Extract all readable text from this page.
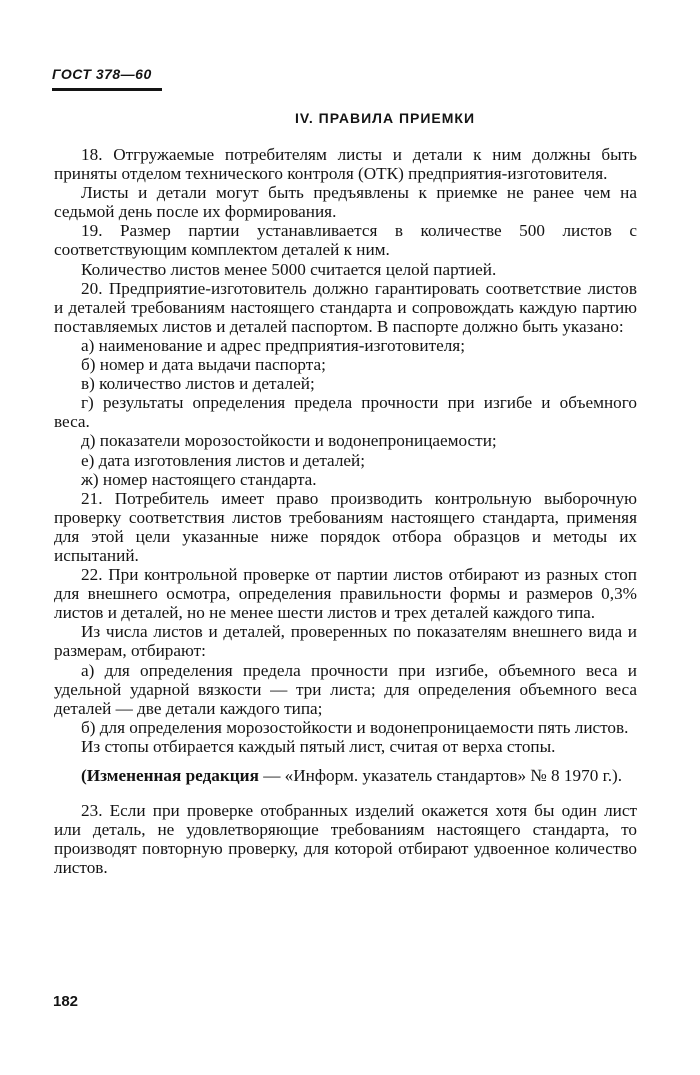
ГОСТ 378—60
IV. ПРАВИЛА ПРИЕМКИ

18. Отгружаемые потребителям листы и детали к ним должны быть приняты отделом технического контроля (ОТК) предприятия-изготовителя.

Листы и детали могут быть предъявлены к приемке не ранее чем на седьмой день после их формирования.

19. Размер партии устанавливается в количестве 500 листов с соответствующим комплектом деталей к ним.

Количество листов менее 5000 считается целой партией.

20. Предприятие-изготовитель должно гарантировать соответствие листов и деталей требованиям настоящего стандарта и сопровождать каждую партию поставляемых листов и деталей паспортом. В паспорте должно быть указано:

а) наименование и адрес предприятия-изготовителя;

б) номер и дата выдачи паспорта;

в) количество листов и деталей;

г) результаты определения предела прочности при изгибе и объемного веса.

д) показатели морозостойкости и водонепроницаемости;

е) дата изготовления листов и деталей;

ж) номер настоящего стандарта.

21. Потребитель имеет право производить контрольную выборочную проверку соответствия листов требованиям настоящего стандарта, применяя для этой цели указанные ниже порядок отбора образцов и методы их испытаний.

22. При контрольной проверке от партии листов отбирают из разных стоп для внешнего осмотра, определения правильности формы и размеров 0,3% листов и деталей, но не менее шести листов и трех деталей каждого типа.

Из числа листов и деталей, проверенных по показателям внешнего вида и размерам, отбирают:

а) для определения предела прочности при изгибе, объемного веса и удельной ударной вязкости — три листа; для определения объемного веса деталей — две детали каждого типа;

б) для определения морозостойкости и водонепроницаемости пять листов.

Из стопы отбирается каждый пятый лист, считая от верха стопы.

(Измененная редакция — «Информ. указатель стандартов» № 8 1970 г.).

23. Если при проверке отобранных изделий окажется хотя бы один лист или деталь, не удовлетворяющие требованиям настоящего стандарта, то производят повторную проверку, для которой отбирают удвоенное количество листов.

182
